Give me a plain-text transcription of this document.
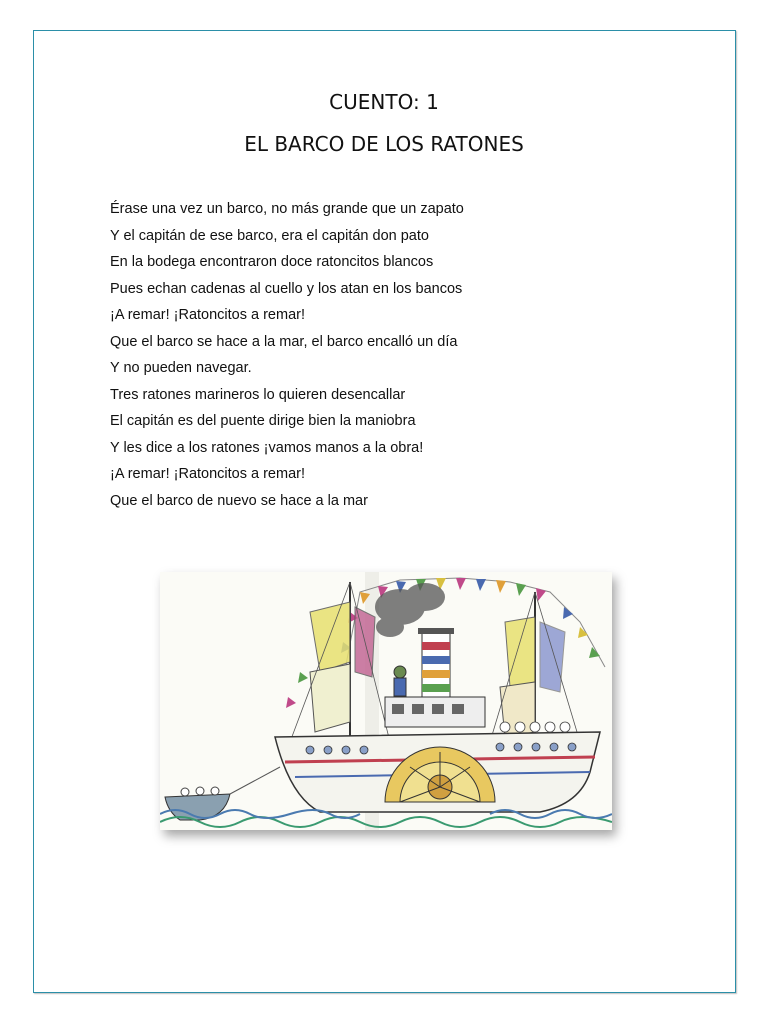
CUENTO: 1
EL BARCO DE LOS RATONES
Érase una vez un barco, no más grande que un zapato
Y el capitán de ese barco, era el capitán don pato
En la bodega encontraron doce ratoncitos blancos
Pues echan cadenas al cuello y los atan en los bancos
¡A remar! ¡Ratoncitos a remar!
Que el barco se hace a la mar, el barco encalló un día
Y no pueden navegar.
Tres ratones marineros lo quieren desencallar
El capitán es del puente dirige bien la maniobra
Y les dice a los ratones ¡vamos manos a la obra!
¡A remar! ¡Ratoncitos a remar!
Que el barco de nuevo se hace a la mar
